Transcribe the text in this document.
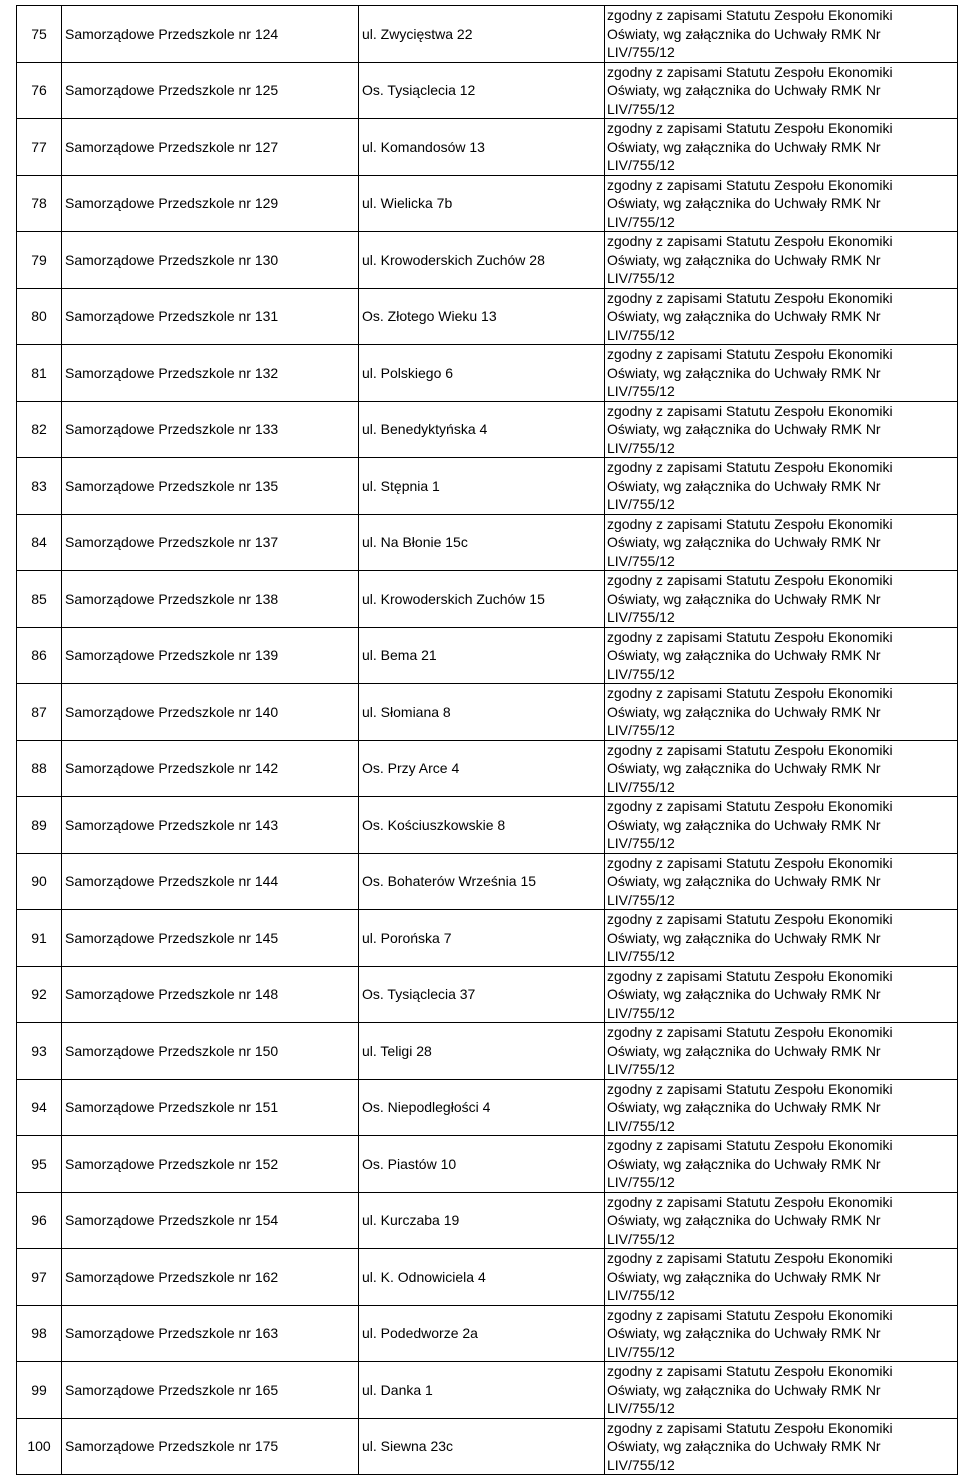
75	Samorządowe Przedszkole nr 124	ul. Zwycięstwa 22	zgodny z zapisami Statutu Zespołu Ekonomiki
Oświaty, wg załącznika do Uchwały RMK Nr
LIV/755/12

76	Samorządowe Przedszkole nr 125	Os. Tysiąclecia 12	zgodny z zapisami Statutu Zespołu Ekonomiki
Oświaty, wg załącznika do Uchwały RMK Nr
LIV/755/12

77	Samorządowe Przedszkole nr 127	ul. Komandosów 13	zgodny z zapisami Statutu Zespołu Ekonomiki
Oświaty, wg załącznika do Uchwały RMK Nr
LIV/755/12

78	Samorządowe Przedszkole nr 129	ul. Wielicka 7b	zgodny z zapisami Statutu Zespołu Ekonomiki
Oświaty, wg załącznika do Uchwały RMK Nr
LIV/755/12

79	Samorządowe Przedszkole nr 130	ul. Krowoderskich Zuchów 28	zgodny z zapisami Statutu Zespołu Ekonomiki
Oświaty, wg załącznika do Uchwały RMK Nr
LIV/755/12

80	Samorządowe Przedszkole nr 131	Os. Złotego Wieku 13	zgodny z zapisami Statutu Zespołu Ekonomiki
Oświaty, wg załącznika do Uchwały RMK Nr
LIV/755/12

81	Samorządowe Przedszkole nr 132	ul. Polskiego 6	zgodny z zapisami Statutu Zespołu Ekonomiki
Oświaty, wg załącznika do Uchwały RMK Nr
LIV/755/12

82	Samorządowe Przedszkole nr 133	ul. Benedyktyńska 4	zgodny z zapisami Statutu Zespołu Ekonomiki
Oświaty, wg załącznika do Uchwały RMK Nr
LIV/755/12

83	Samorządowe Przedszkole nr 135	ul. Stępnia 1	zgodny z zapisami Statutu Zespołu Ekonomiki
Oświaty, wg załącznika do Uchwały RMK Nr
LIV/755/12

84	Samorządowe Przedszkole nr 137	ul. Na Błonie 15c	zgodny z zapisami Statutu Zespołu Ekonomiki
Oświaty, wg załącznika do Uchwały RMK Nr
LIV/755/12

85	Samorządowe Przedszkole nr 138	ul. Krowoderskich Zuchów 15	zgodny z zapisami Statutu Zespołu Ekonomiki
Oświaty, wg załącznika do Uchwały RMK Nr
LIV/755/12

86	Samorządowe Przedszkole nr 139	ul. Bema 21	zgodny z zapisami Statutu Zespołu Ekonomiki
Oświaty, wg załącznika do Uchwały RMK Nr
LIV/755/12

87	Samorządowe Przedszkole nr 140	ul. Słomiana 8	zgodny z zapisami Statutu Zespołu Ekonomiki
Oświaty, wg załącznika do Uchwały RMK Nr
LIV/755/12

88	Samorządowe Przedszkole nr 142	Os. Przy Arce 4	zgodny z zapisami Statutu Zespołu Ekonomiki
Oświaty, wg załącznika do Uchwały RMK Nr
LIV/755/12

89	Samorządowe Przedszkole nr 143	Os. Kościuszkowskie 8	zgodny z zapisami Statutu Zespołu Ekonomiki
Oświaty, wg załącznika do Uchwały RMK Nr
LIV/755/12

90	Samorządowe Przedszkole nr 144	Os. Bohaterów Września 15	zgodny z zapisami Statutu Zespołu Ekonomiki
Oświaty, wg załącznika do Uchwały RMK Nr
LIV/755/12

91	Samorządowe Przedszkole nr 145	ul. Porońska 7	zgodny z zapisami Statutu Zespołu Ekonomiki
Oświaty, wg załącznika do Uchwały RMK Nr
LIV/755/12

92	Samorządowe Przedszkole nr 148	Os. Tysiąclecia 37	zgodny z zapisami Statutu Zespołu Ekonomiki
Oświaty, wg załącznika do Uchwały RMK Nr
LIV/755/12

93	Samorządowe Przedszkole nr 150	ul. Teligi 28	zgodny z zapisami Statutu Zespołu Ekonomiki
Oświaty, wg załącznika do Uchwały RMK Nr
LIV/755/12

94	Samorządowe Przedszkole nr 151	Os. Niepodległości 4	zgodny z zapisami Statutu Zespołu Ekonomiki
Oświaty, wg załącznika do Uchwały RMK Nr
LIV/755/12

95	Samorządowe Przedszkole nr 152	Os. Piastów 10	zgodny z zapisami Statutu Zespołu Ekonomiki
Oświaty, wg załącznika do Uchwały RMK Nr
LIV/755/12

96	Samorządowe Przedszkole nr 154	ul. Kurczaba 19	zgodny z zapisami Statutu Zespołu Ekonomiki
Oświaty, wg załącznika do Uchwały RMK Nr
LIV/755/12

97	Samorządowe Przedszkole nr 162	ul. K. Odnowiciela 4	zgodny z zapisami Statutu Zespołu Ekonomiki
Oświaty, wg załącznika do Uchwały RMK Nr
LIV/755/12

98	Samorządowe Przedszkole nr 163	ul. Podedworze 2a	zgodny z zapisami Statutu Zespołu Ekonomiki
Oświaty, wg załącznika do Uchwały RMK Nr
LIV/755/12

99	Samorządowe Przedszkole nr 165	ul. Danka 1	zgodny z zapisami Statutu Zespołu Ekonomiki
Oświaty, wg załącznika do Uchwały RMK Nr
LIV/755/12

100	Samorządowe Przedszkole nr 175	ul. Siewna 23c	zgodny z zapisami Statutu Zespołu Ekonomiki
Oświaty, wg załącznika do Uchwały RMK Nr
LIV/755/12
